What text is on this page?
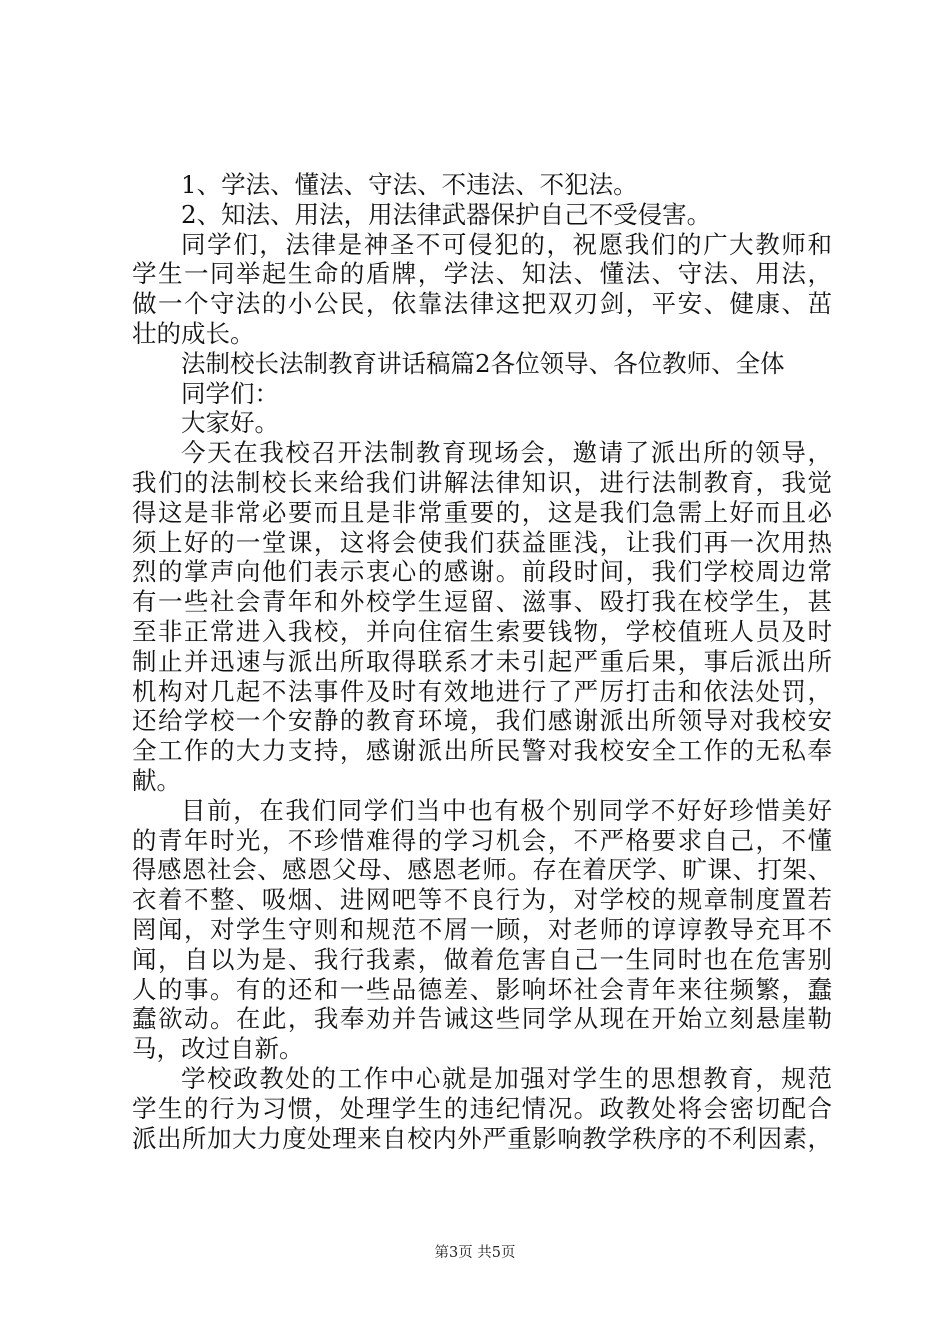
1、学法、懂法、守法、不违法、不犯法。
2、知法、用法，用法律武器保护自己不受侵害。
同学们，法律是神圣不可侵犯的，祝愿我们的广大教师和
学生一同举起生命的盾牌，学法、知法、懂法、守法、用法，
做一个守法的小公民，依靠法律这把双刃剑，平安、健康、茁
壮的成长。
法制校长法制教育讲话稿篇2各位领导、各位教师、全体
同学们：
大家好。
今天在我校召开法制教育现场会，邀请了派出所的领导，
我们的法制校长来给我们讲解法律知识，进行法制教育，我觉
得这是非常必要而且是非常重要的，这是我们急需上好而且必
须上好的一堂课，这将会使我们获益匪浅，让我们再一次用热
烈的掌声向他们表示衷心的感谢。前段时间，我们学校周边常
有一些社会青年和外校学生逗留、滋事、殴打我在校学生，甚
至非正常进入我校，并向住宿生索要钱物，学校值班人员及时
制止并迅速与派出所取得联系才未引起严重后果，事后派出所
机构对几起不法事件及时有效地进行了严厉打击和依法处罚，
还给学校一个安静的教育环境，我们感谢派出所领导对我校安
全工作的大力支持，感谢派出所民警对我校安全工作的无私奉
献。
目前，在我们同学们当中也有极个别同学不好好珍惜美好
的青年时光，不珍惜难得的学习机会，不严格要求自己，不懂
得感恩社会、感恩父母、感恩老师。存在着厌学、旷课、打架、
衣着不整、吸烟、进网吧等不良行为，对学校的规章制度置若
罔闻，对学生守则和规范不屑一顾，对老师的谆谆教导充耳不
闻，自以为是、我行我素，做着危害自己一生同时也在危害别
人的事。有的还和一些品德差、影响坏社会青年来往频繁，蠢
蠢欲动。在此，我奉劝并告诫这些同学从现在开始立刻悬崖勒
马，改过自新。
学校政教处的工作中心就是加强对学生的思想教育，规范
学生的行为习惯，处理学生的违纪情况。政教处将会密切配合
派出所加大力度处理来自校内外严重影响教学秩序的不利因素，
第3页 共5页
